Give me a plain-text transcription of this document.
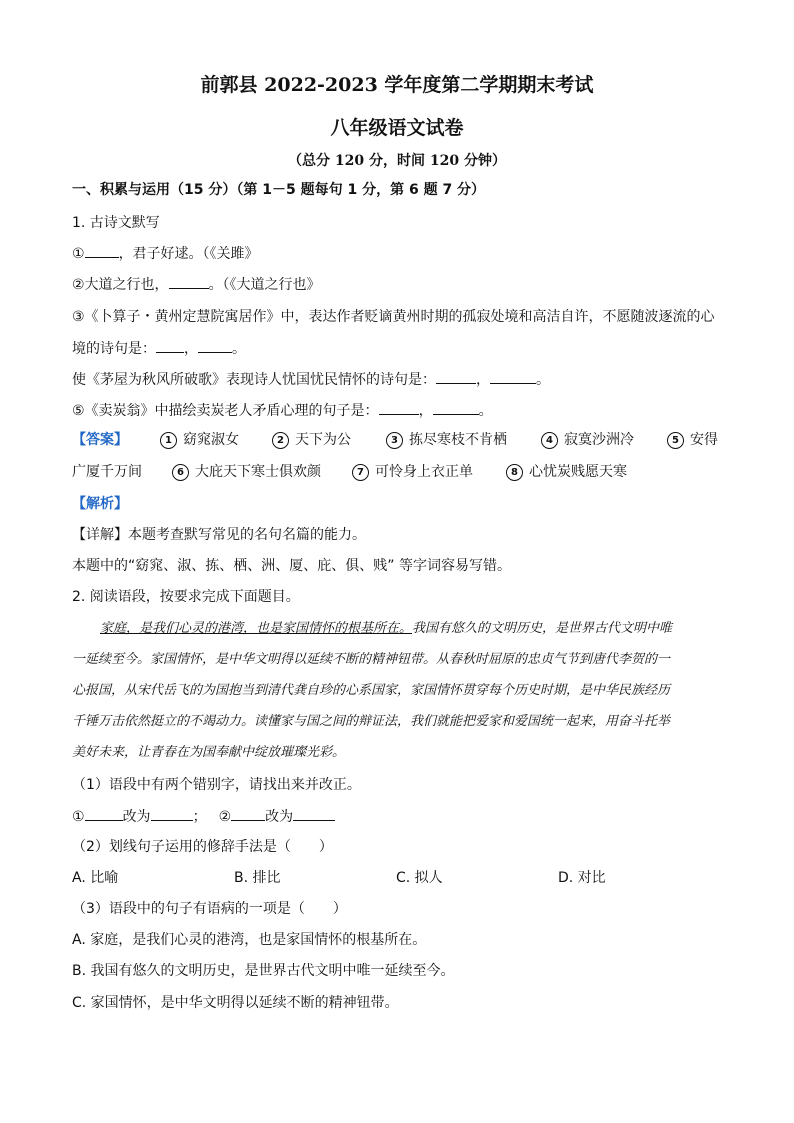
前郭县 2022-2023 学年度第二学期期末考试
八年级语文试卷
（总分 120 分，时间 120 分钟）
一、积累与运用（15 分）（第 1－5 题每句 1 分，第 6 题 7 分）
1. 古诗文默写
① ，君子好逑。（《关雎》
②大道之行也，	。（《大道之行也》
③《卜算子・黄州定慧院寓居作》中，表达作者贬谪黄州时期的孤寂处境和高洁自许，不愿随波逐流的心
境的诗句是： ， 。
使《茅屋为秋风所破歌》表现诗人忧国忧民情怀的诗句是：	，	。
⑤《卖炭翁》中描绘卖炭老人矛盾心理的句子是：	，	。
【答案】	1 窈窕淑女	2 天下为公	3 拣尽寒枝不肯栖	4 寂寞沙洲冷	5 安得
广厦千万间	6 大庇天下寒士俱欢颜	7 可怜身上衣正单	8 心忧炭贱愿天寒
【解析】
【详解】本题考查默写常见的名句名篇的能力。
本题中的“窈窕、淑、拣、栖、洲、厦、庇、俱、贱” 等字词容易写错。
2. 阅读语段，按要求完成下面题目。
家庭，是我们心灵的港湾，也是家国情怀的根基所在。我国有悠久的文明历史，是世界古代文明中唯
一延续至今。家国情怀，是中华文明得以延续不断的精神钮带。从春秋时屈原的忠贞气节到唐代李贺的一
心报国，从宋代岳飞的为国抱当到清代龚自珍的心系国家，家国情怀贯穿每个历史时期，是中华民族经历
千锤万击依然挺立的不竭动力。读懂家与国之间的辩证法，我们就能把爱家和爱国统一起来，用奋斗托举
美好未来，让青春在为国奉献中绽放璀璨光彩。
（1）语段中有两个错别字，请找出来并改正。
①	改为	； ② 改为
（2）划线句子运用的修辞手法是（　　）
A. 比喻	B. 排比	C. 拟人	D. 对比
（3）语段中的句子有语病的一项是（　　）
A. 家庭，是我们心灵的港湾，也是家国情怀的根基所在。
B. 我国有悠久的文明历史，是世界古代文明中唯一延续至今。
C. 家国情怀，是中华文明得以延续不断的精神钮带。
